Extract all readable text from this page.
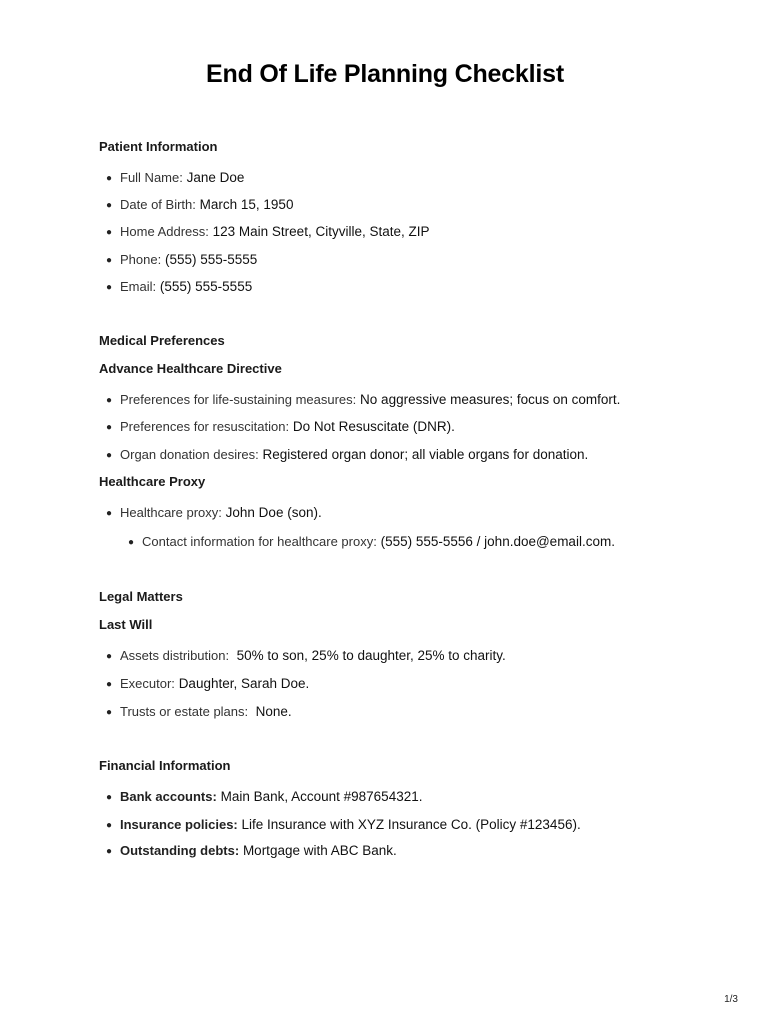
End Of Life Planning Checklist
Patient Information
● Full Name: Jane Doe
● Date of Birth: March 15, 1950
● Home Address: 123 Main Street, Cityville, State, ZIP
● Phone: (555) 555-5555
● Email: (555) 555-5555
Medical Preferences
Advance Healthcare Directive
● Preferences for life-sustaining measures: No aggressive measures; focus on comfort.
● Preferences for resuscitation: Do Not Resuscitate (DNR).
● Organ donation desires: Registered organ donor; all viable organs for donation.
Healthcare Proxy
● Healthcare proxy: John Doe (son).
● Contact information for healthcare proxy: (555) 555-5556 / john.doe@email.com.
Legal Matters
Last Will
● Assets distribution: 50% to son, 25% to daughter, 25% to charity.
● Executor: Daughter, Sarah Doe.
● Trusts or estate plans: None.
Financial Information
● Bank accounts: Main Bank, Account #987654321.
● Insurance policies: Life Insurance with XYZ Insurance Co. (Policy #123456).
● Outstanding debts: Mortgage with ABC Bank.
1/3
